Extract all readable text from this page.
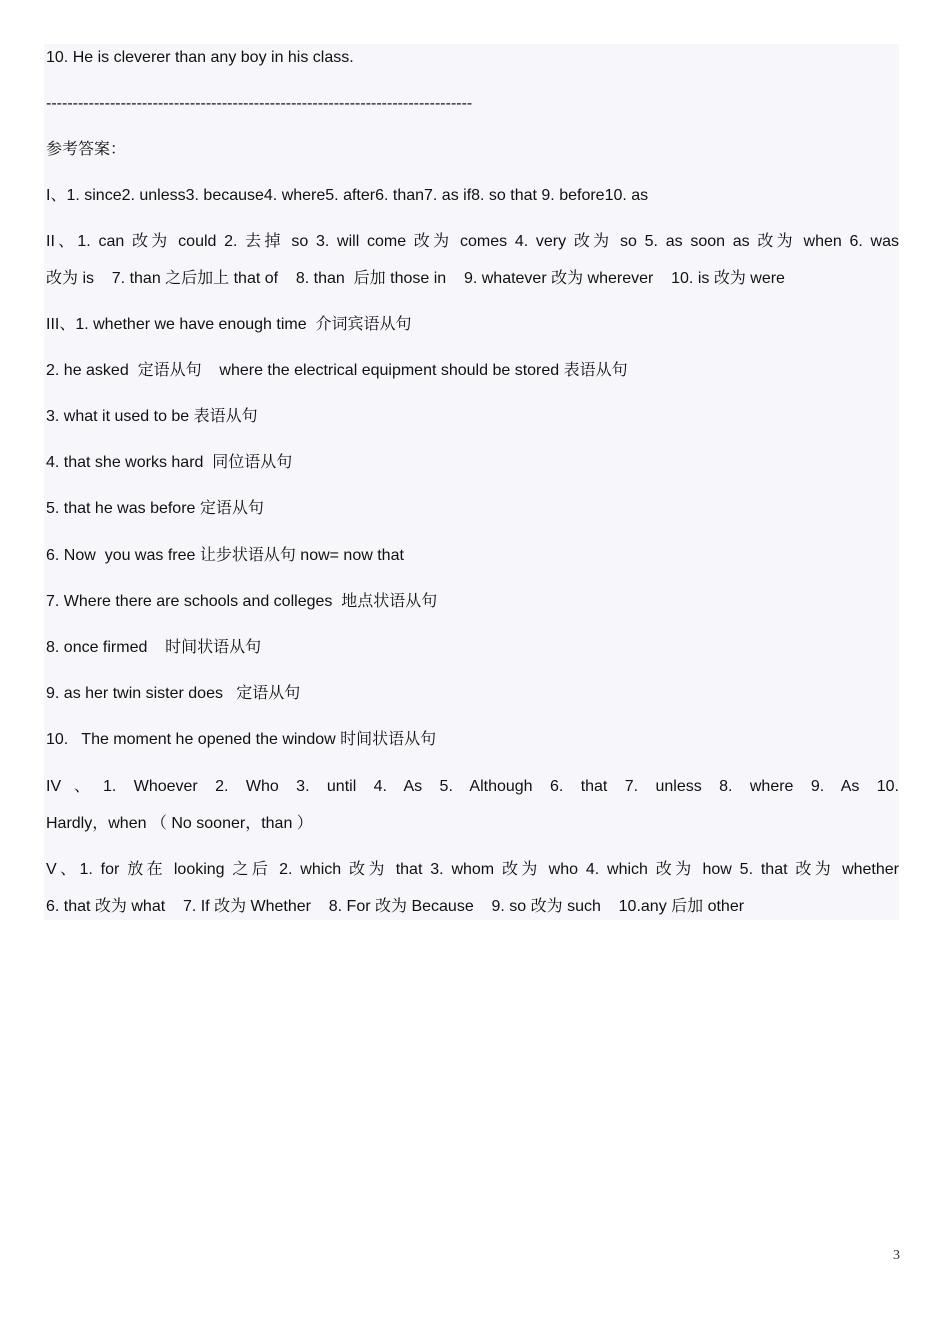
10. He is cleverer than any boy in his class.
--------------------------------------------------------------------------------
参考答案：
I、1. since2. unless3. because4. where5. after6. than7. as if8. so that 9. before10. as
II、1. can 改为 could 2. 去掉 so 3. will come 改为 comes 4. very 改为 so 5. as soon as 改为 when 6. was
改为 is    7. than 之后加上 that of    8. than  后加 those in    9. whatever 改为 wherever    10. is 改为 were
III、1. whether we have enough time  介词宾语从句
2. he asked  定语从句    where the electrical equipment should be stored 表语从句
3. what it used to be 表语从句
4. that she works hard  同位语从句
5. that he was before 定语从句
6. Now  you was free 让步状语从句 now= now that
7. Where there are schools and colleges  地点状语从句
8. once firmed    时间状语从句
9. as her twin sister does   定语从句
10.   The moment he opened the window 时间状语从句
IV、1. Whoever 2. Who 3. until 4. As 5. Although 6. that 7. unless 8. where 9. As 10.
Hardly，when （ No sooner，than ）
V、1. for 放在 looking 之后 2. which 改为 that 3. whom 改为 who 4. which 改为 how 5. that 改为 whether
6. that 改为 what    7. If 改为 Whether    8. For 改为 Because    9. so 改为 such    10.any 后加 other
3
